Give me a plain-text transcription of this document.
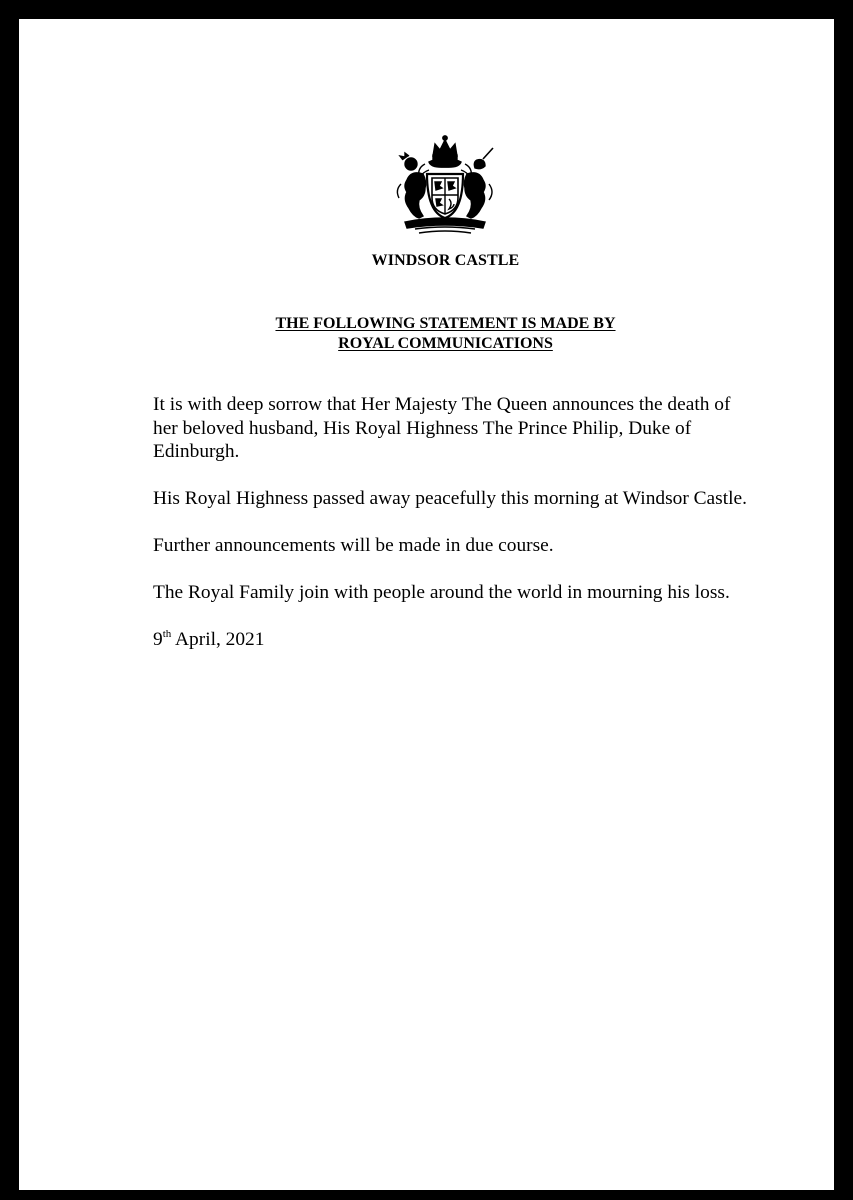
WINDSOR CASTLE
THE FOLLOWING STATEMENT IS MADE BY
ROYAL COMMUNICATIONS

It is with deep sorrow that Her Majesty The Queen announces the death of her beloved husband, His Royal Highness The Prince Philip, Duke of Edinburgh.

His Royal Highness passed away peacefully this morning at Windsor Castle.

Further announcements will be made in due course.

The Royal Family join with people around the world in mourning his loss.

9th April, 2021
